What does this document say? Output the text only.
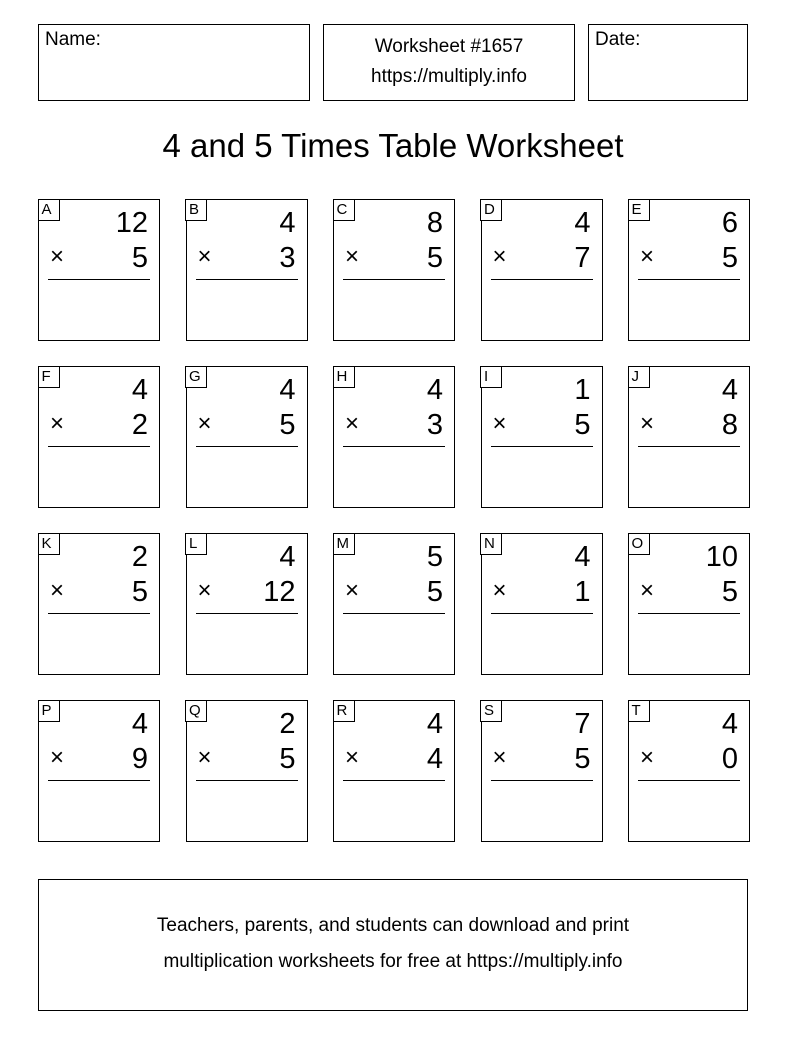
Name:	Worksheet #1657
https://multiply.info
Date:
4 and 5 Times Table Worksheet
A 12
× 5
B	4
× 3
C	8
× 5
D	4
× 7
E	6
× 5
F	4
× 2
G	4
× 5
H	4
× 3
I	1
× 5
J	4
× 8
K	2
× 5
L	4
× 12
M	5
× 5
N	4
× 1
O 10
× 5
P	4
× 9
Q	2
× 5
R	4
× 4
S	7
× 5
T	4
× 0
Teachers, parents, and students can download and print
multiplication worksheets for free at https://multiply.info
